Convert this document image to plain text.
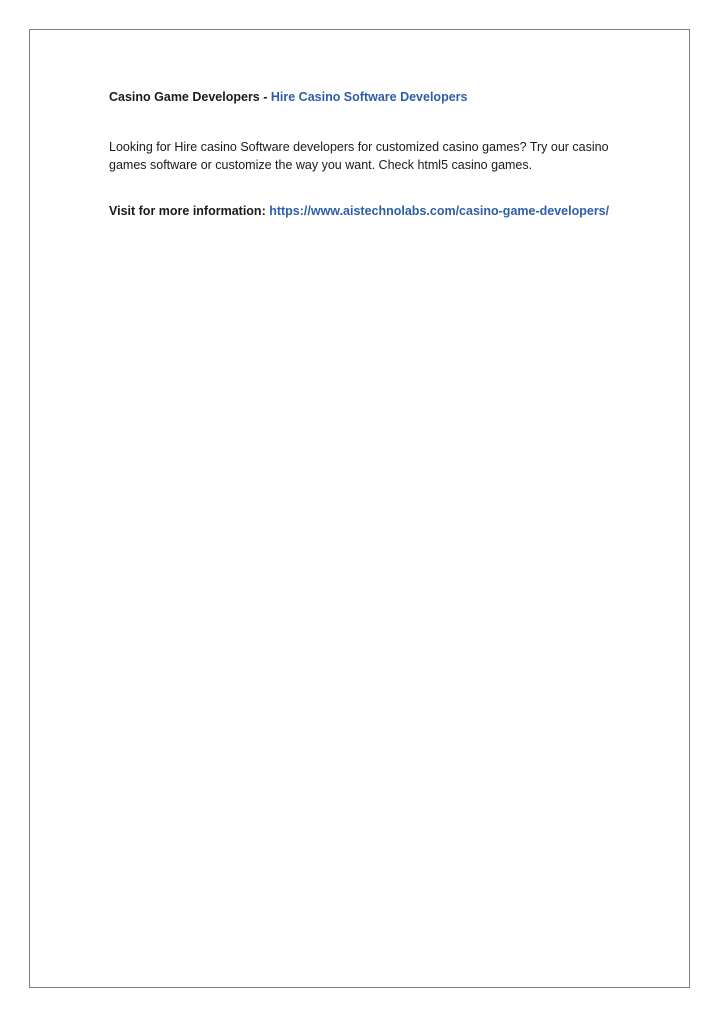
Casino Game Developers - Hire Casino Software Developers

Looking for Hire casino Software developers for customized casino games? Try our casino games software or customize the way you want. Check html5 casino games.

Visit for more information: https://www.aistechnolabs.com/casino-game-developers/
